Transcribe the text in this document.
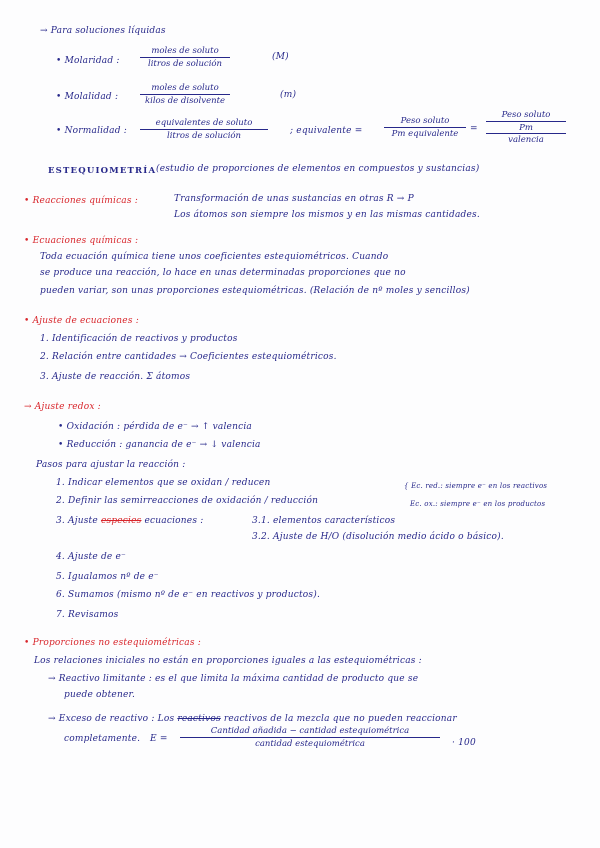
→ Para soluciones líquidas
• Molaridad :
moles de soluto
litros de solución
(M)
• Molalidad :
moles de soluto
kilos de disolvente
(m)
• Normalidad :
equivalentes de soluto
litros de solución	; equivalente =
Peso soluto
Pm equivalente	=
Peso soluto
Pm
valencia
ESTEQUIOMETRÍA (estudio de proporciones de elementos en compuestos y sustancias)
• Reacciones químicas :	Transformación de unas sustancias en otras R → P
Los átomos son siempre los mismos y en las mismas cantidades.
• Ecuaciones químicas :
Toda ecuación química tiene unos coeficientes estequiométricos. Cuando
se produce una reacción, lo hace en unas determinadas proporciones que no
pueden variar, son unas proporciones estequiométricas. (Relación de nº moles y sencillos)
• Ajuste de ecuaciones :
1. Identificación de reactivos y productos
2. Relación entre cantidades → Coeficientes estequiométricos.
3. Ajuste de reacción. Σ átomos
→ Ajuste redox :
• Oxidación : pérdida de e⁻ → ↑ valencia
• Reducción : ganancia de e⁻ → ↓ valencia
Pasos para ajustar la reacción :
1. Indicar elementos que se oxidan / reducen
2. Definir las semirreacciones de oxidación / reducción
{ Ec. red.: siempre e⁻ en los reactivos
Ec. ox.: siempre e⁻ en los productos
3. Ajuste especies ecuaciones :	3.1. elementos característicos
3.2. Ajuste de H/O (disolución medio ácido o básico).
4. Ajuste de e⁻
5. Igualamos nº de e⁻
6. Sumamos (mismo nº de e⁻ en reactivos y productos).
7. Revisamos
• Proporciones no estequiométricas :
Los relaciones iniciales no están en proporciones iguales a las estequiométricas :
→ Reactivo limitante : es el que limita la máxima cantidad de producto que se
puede obtener.
→ Exceso de reactivo : Los reactivos reactivos de la mezcla que no pueden reaccionar
completamente. E =
Cantidad añadida − cantidad estequiométrica
cantidad estequiométrica	· 100
